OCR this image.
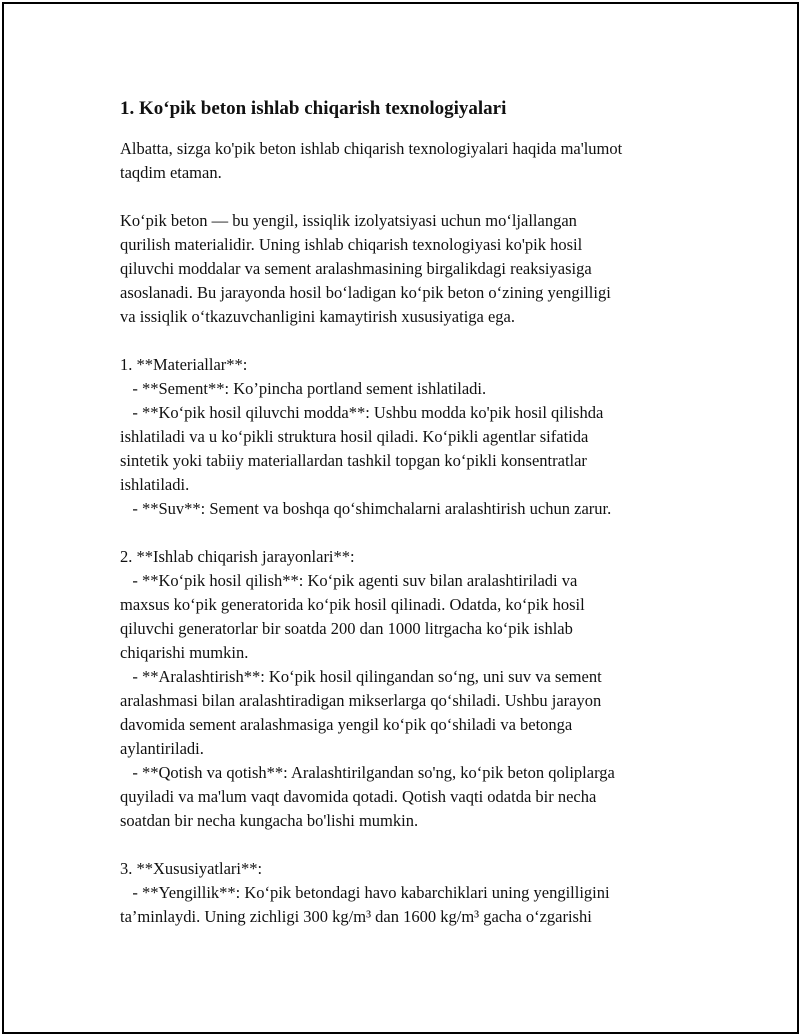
1. Ko‘pik beton ishlab chiqarish texnologiyalari
Albatta, sizga ko'pik beton ishlab chiqarish texnologiyalari haqida ma'lumot
taqdim etaman.
Ko‘pik beton — bu yengil, issiqlik izolyatsiyasi uchun mo‘ljallangan
qurilish materialidir. Uning ishlab chiqarish texnologiyasi ko'pik hosil
qiluvchi moddalar va sement aralashmasining birgalikdagi reaksiyasiga
asoslanadi. Bu jarayonda hosil bo‘ladigan ko‘pik beton o‘zining yengilligi
va issiqlik o‘tkazuvchanligini kamaytirish xususiyatiga ega.
1. **Materiallar**:
- **Sement**: Ko’pincha portland sement ishlatiladi.
- **Ko‘pik hosil qiluvchi modda**: Ushbu modda ko'pik hosil qilishda
ishlatiladi va u ko‘pikli struktura hosil qiladi. Ko‘pikli agentlar sifatida
sintetik yoki tabiiy materiallardan tashkil topgan ko‘pikli konsentratlar
ishlatiladi.
- **Suv**: Sement va boshqa qo‘shimchalarni aralashtirish uchun zarur.
2. **Ishlab chiqarish jarayonlari**:
- **Ko‘pik hosil qilish**: Ko‘pik agenti suv bilan aralashtiriladi va
maxsus ko‘pik generatorida ko‘pik hosil qilinadi. Odatda, ko‘pik hosil
qiluvchi generatorlar bir soatda 200 dan 1000 litrgacha ko‘pik ishlab
chiqarishi mumkin.
- **Aralashtirish**: Ko‘pik hosil qilingandan so‘ng, uni suv va sement
aralashmasi bilan aralashtiradigan mikserlarga qo‘shiladi. Ushbu jarayon
davomida sement aralashmasiga yengil ko‘pik qo‘shiladi va betonga
aylantiriladi.
- **Qotish va qotish**: Aralashtirilgandan so'ng, ko‘pik beton qoliplarga
quyiladi va ma'lum vaqt davomida qotadi. Qotish vaqti odatda bir necha
soatdan bir necha kungacha bo'lishi mumkin.
3. **Xususiyatlari**:
- **Yengillik**: Ko‘pik betondagi havo kabarchiklari uning yengilligini
ta’minlaydi. Uning zichligi 300 kg/m³ dan 1600 kg/m³ gacha o‘zgarishi
